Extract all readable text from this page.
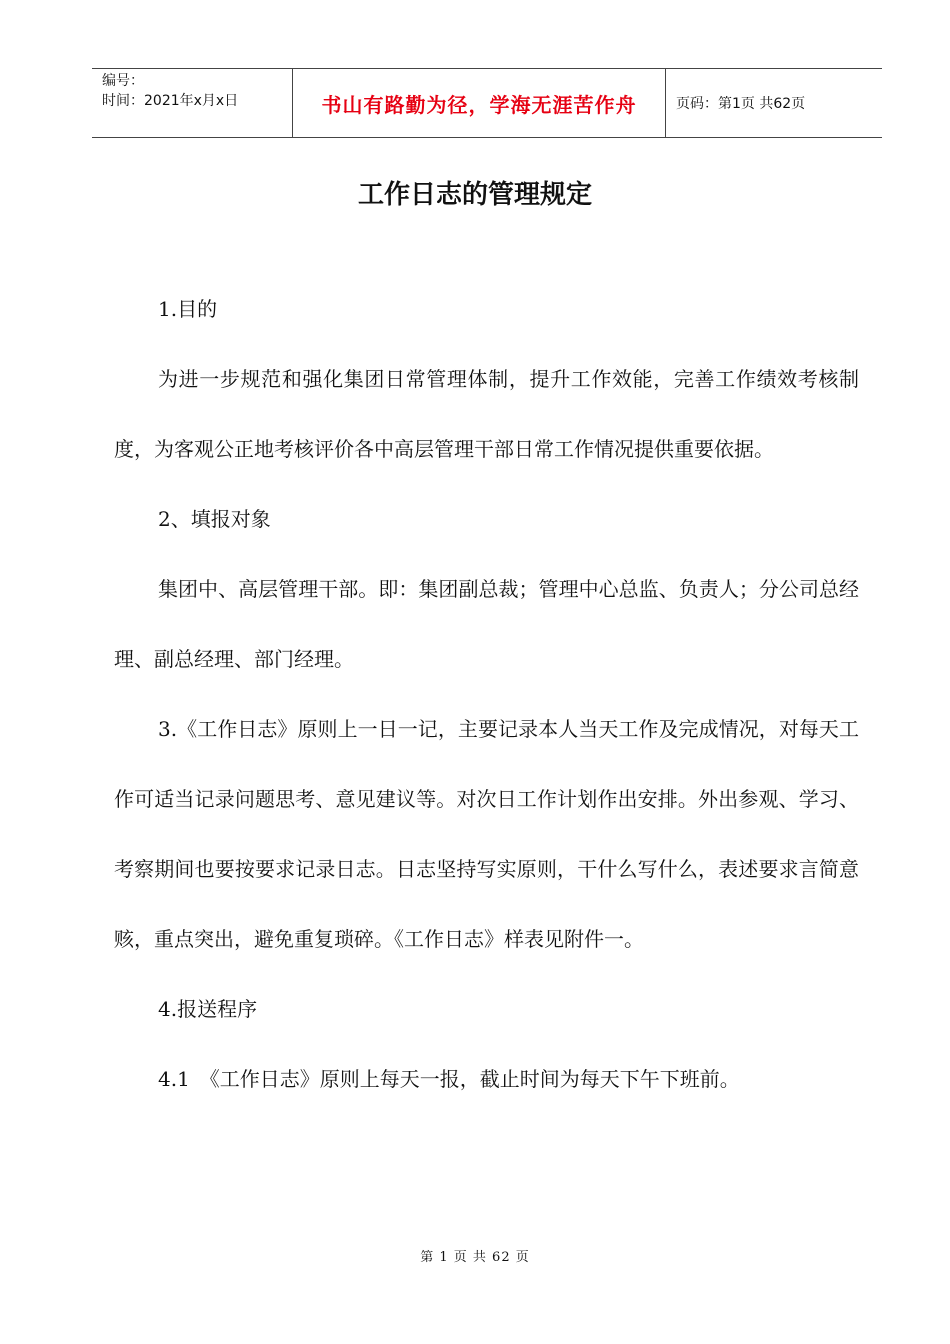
编号：
时间：2021年x月x日	书山有路勤为径，学海无涯苦作舟	页码：第1页 共62页
工作日志的管理规定

1.目的

为进一步规范和强化集团日常管理体制，提升工作效能，完善工作绩效考核制度，为客观公正地考核评价各中高层管理干部日常工作情况提供重要依据。

2、填报对象

集团中、高层管理干部。即：集团副总裁；管理中心总监、负责人；分公司总经理、副总经理、部门经理。

3.《工作日志》原则上一日一记，主要记录本人当天工作及完成情况，对每天工作可适当记录问题思考、意见建议等。对次日工作计划作出安排。外出参观、学习、考察期间也要按要求记录日志。日志坚持写实原则，干什么写什么，表述要求言简意赅，重点突出，避免重复琐碎。《工作日志》样表见附件一。

4.报送程序

4.1　《工作日志》原则上每天一报，截止时间为每天下午下班前。

第 1 页 共 62 页
